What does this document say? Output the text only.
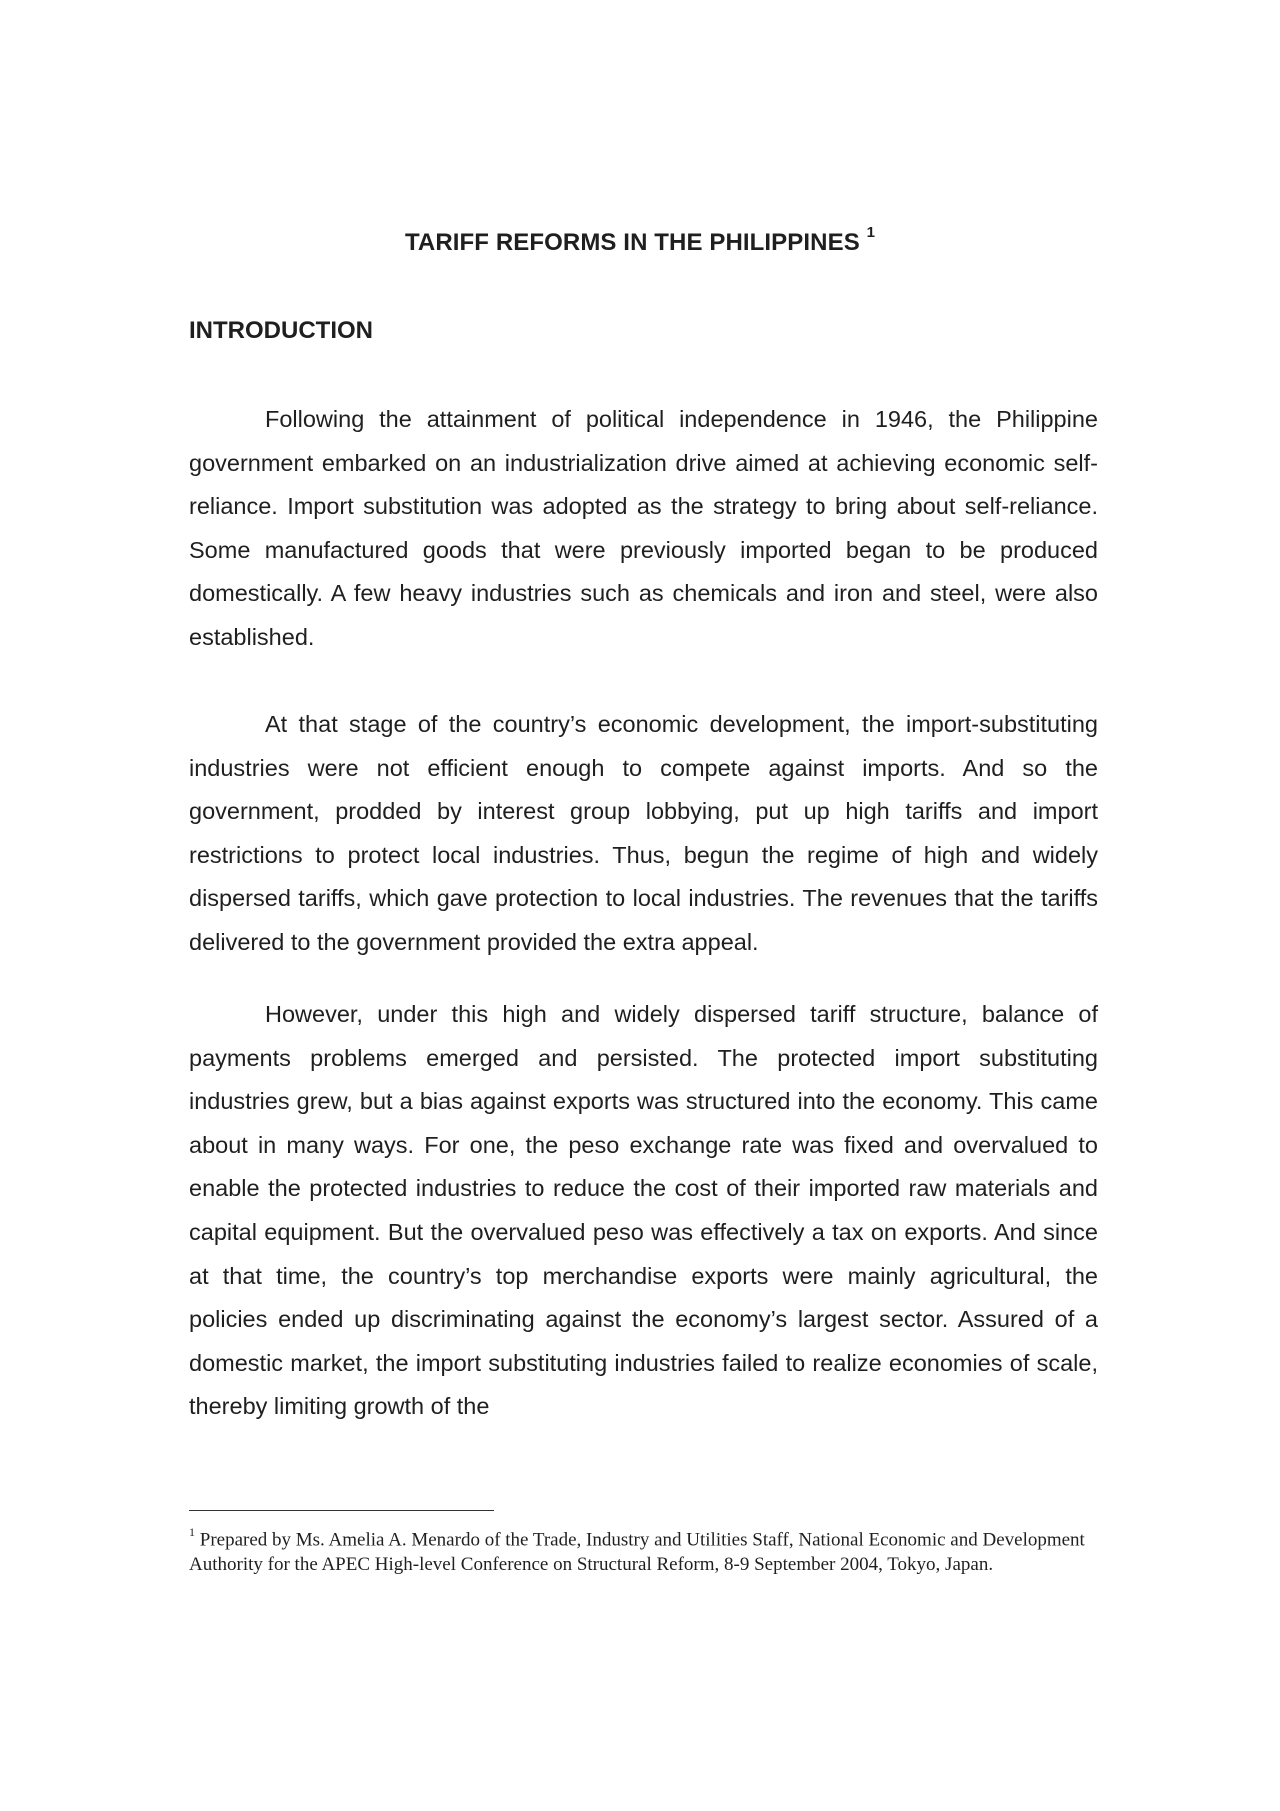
TARIFF REFORMS IN THE PHILIPPINES $^1$
INTRODUCTION

Following the attainment of political independence in 1946, the Philippine government embarked on an industrialization drive aimed at achieving economic self-reliance. Import substitution was adopted as the strategy to bring about self-reliance. Some manufactured goods that were previously imported began to be produced domestically. A few heavy industries such as chemicals and iron and steel, were also established.

At that stage of the country’s economic development, the import-substituting industries were not efficient enough to compete against imports. And so the government, prodded by interest group lobbying, put up high tariffs and import restrictions to protect local industries. Thus, begun the regime of high and widely dispersed tariffs, which gave protection to local industries. The revenues that the tariffs delivered to the government provided the extra appeal.

However, under this high and widely dispersed tariff structure, balance of payments problems emerged and persisted. The protected import substituting industries grew, but a bias against exports was structured into the economy. This came about in many ways. For one, the peso exchange rate was fixed and overvalued to enable the protected industries to reduce the cost of their imported raw materials and capital equipment. But the overvalued peso was effectively a tax on exports. And since at that time, the country’s top merchandise exports were mainly agricultural, the policies ended up discriminating against the economy’s largest sector. Assured of a domestic market, the import substituting industries failed to realize economies of scale, thereby limiting growth of the

$^1$ Prepared by Ms. Amelia A. Menardo of the Trade, Industry and Utilities Staff, National Economic and Development Authority for the APEC High-level Conference on Structural Reform, 8-9 September 2004, Tokyo, Japan.
